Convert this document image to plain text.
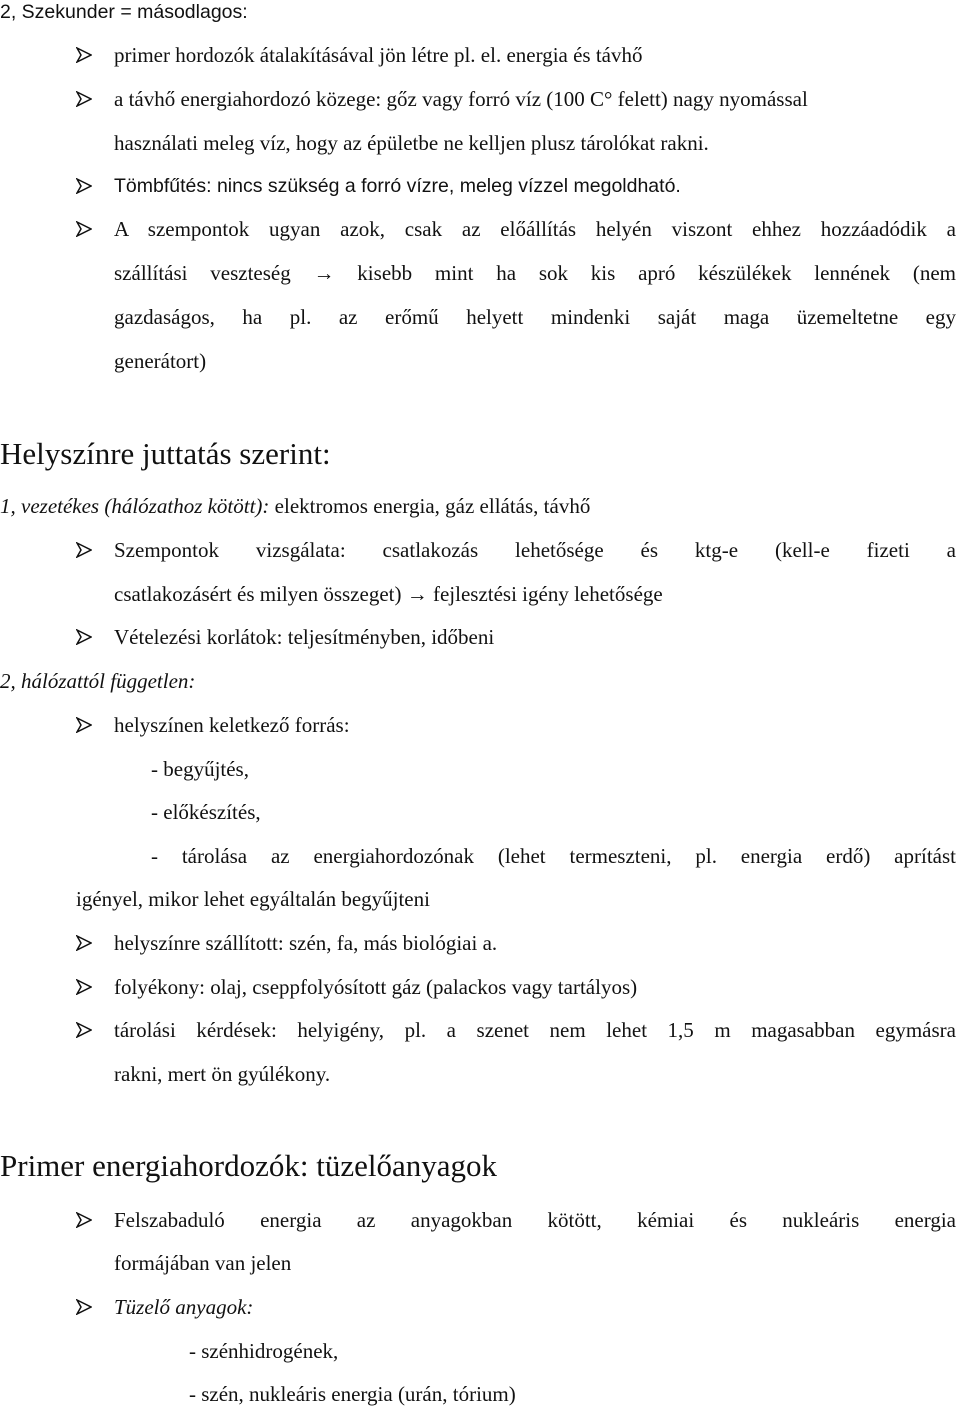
2, Szekunder = másodlagos:
primer hordozók átalakításával jön létre pl. el. energia és távhő
a távhő energiahordozó közege: gőz vagy forró víz (100 C° felett) nagy nyomással
használati meleg víz, hogy az épületbe ne kelljen plusz tárolókat rakni.
Tömbfűtés: nincs szükség a forró vízre, meleg vízzel megoldható.
A szempontok ugyan azok, csak az előállítás helyén viszont ehhez hozzáadódik a
szállítási veszteség → kisebb mint ha sok kis apró készülékek lennének (nem
gazdaságos, ha pl. az erőmű helyett mindenki saját maga üzemeltetne egy
generátort)
Helyszínre juttatás szerint:
1, vezetékes (hálózathoz kötött): elektromos energia, gáz ellátás, távhő
Szempontok vizsgálata: csatlakozás lehetősége és ktg-e (kell-e fizeti a
csatlakozásért és milyen összeget) → fejlesztési igény lehetősége
Vételezési korlátok: teljesítményben, időbeni
2, hálózattól független:
helyszínen keletkező forrás:
- begyűjtés,
- előkészítés,
- tárolása az energiahordozónak (lehet termeszteni, pl. energia erdő) aprítást
igényel, mikor lehet egyáltalán begyűjteni
helyszínre szállított: szén, fa, más biológiai a.
folyékony: olaj, cseppfolyósított gáz (palackos vagy tartályos)
tárolási kérdések: helyigény, pl. a szenet nem lehet 1,5 m magasabban egymásra
rakni, mert ön gyúlékony.
Primer energiahordozók: tüzelőanyagok
Felszabaduló energia az anyagokban kötött, kémiai és nukleáris energia
formájában van jelen
Tüzelő anyagok:
- szénhidrogének,
- szén, nukleáris energia (urán, tórium)
